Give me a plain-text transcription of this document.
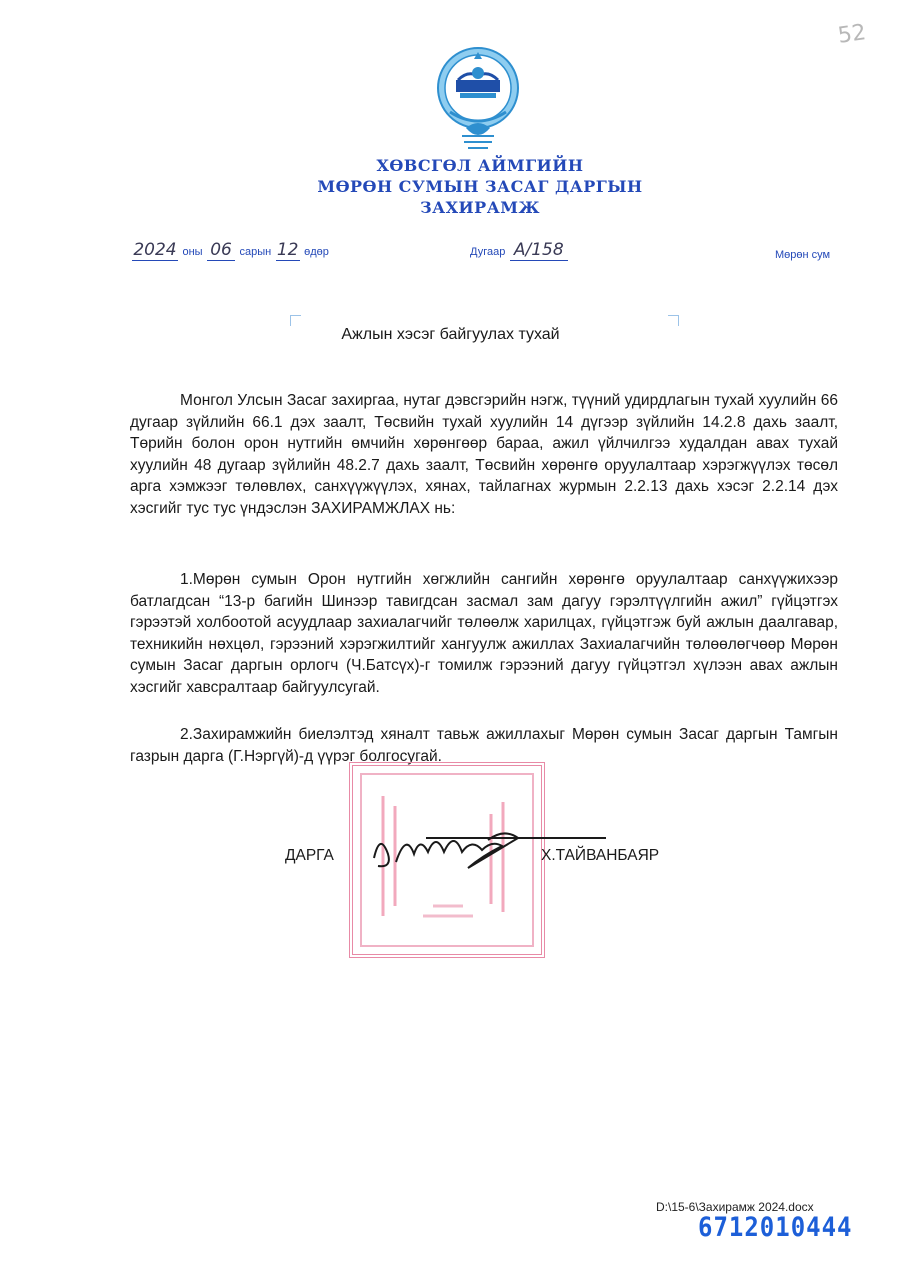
52
ХӨВСГӨЛ АЙМГИЙН
МӨРӨН СУМЫН ЗАСАГ ДАРГЫН
ЗАХИРАМЖ
2024 оны 06 сарын 12 өдөр	Дугаар А/158	Мөрөн сум
Ажлын хэсэг байгуулах тухай
Монгол Улсын Засаг захиргаа, нутаг дэвсгэрийн нэгж, түүний удирдлагын тухай хуулийн 66 дугаар зүйлийн 66.1 дэх заалт, Төсвийн тухай хуулийн 14 дүгээр зүйлийн 14.2.8 дахь заалт, Төрийн болон орон нутгийн өмчийн хөрөнгөөр бараа, ажил үйлчилгээ худалдан авах тухай хуулийн 48 дугаар зүйлийн 48.2.7 дахь заалт, Төсвийн хөрөнгө оруулалтаар хэрэгжүүлэх төсөл арга хэмжээг төлөвлөх, санхүүжүүлэх, хянах, тайлагнах журмын 2.2.13 дахь хэсэг 2.2.14 дэх хэсгийг тус тус үндэслэн ЗАХИРАМЖЛАХ нь:
1.Мөрөн сумын Орон нутгийн хөгжлийн сангийн хөрөнгө оруулалтаар санхүүжихээр батлагдсан “13-р багийн Шинээр тавигдсан засмал зам дагуу гэрэлтүүлгийн ажил” гүйцэтгэх гэрээтэй холбоотой асуудлаар захиалагчийг төлөөлж харилцах, гүйцэтгэж буй ажлын даалгавар, техникийн нөхцөл, гэрээний хэрэгжилтийг хангуулж ажиллах Захиалагчийн төлөөлөгчөөр Мөрөн сумын Засаг даргын орлогч (Ч.Батсүх)-г томилж гэрээний дагуу гүйцэтгэл хүлээн авах ажлын хэсгийг хавсралтаар байгуулсугай.
2.Захирамжийн биелэлтэд хяналт тавьж ажиллахыг Мөрөн сумын Засаг даргын Тамгын газрын дарга (Г.Нэргүй)-д үүрэг болгосугай.
ДАРГА	Х.ТАЙВАНБАЯР
D:\15-6\Захирамж 2024.docx
6712010444
